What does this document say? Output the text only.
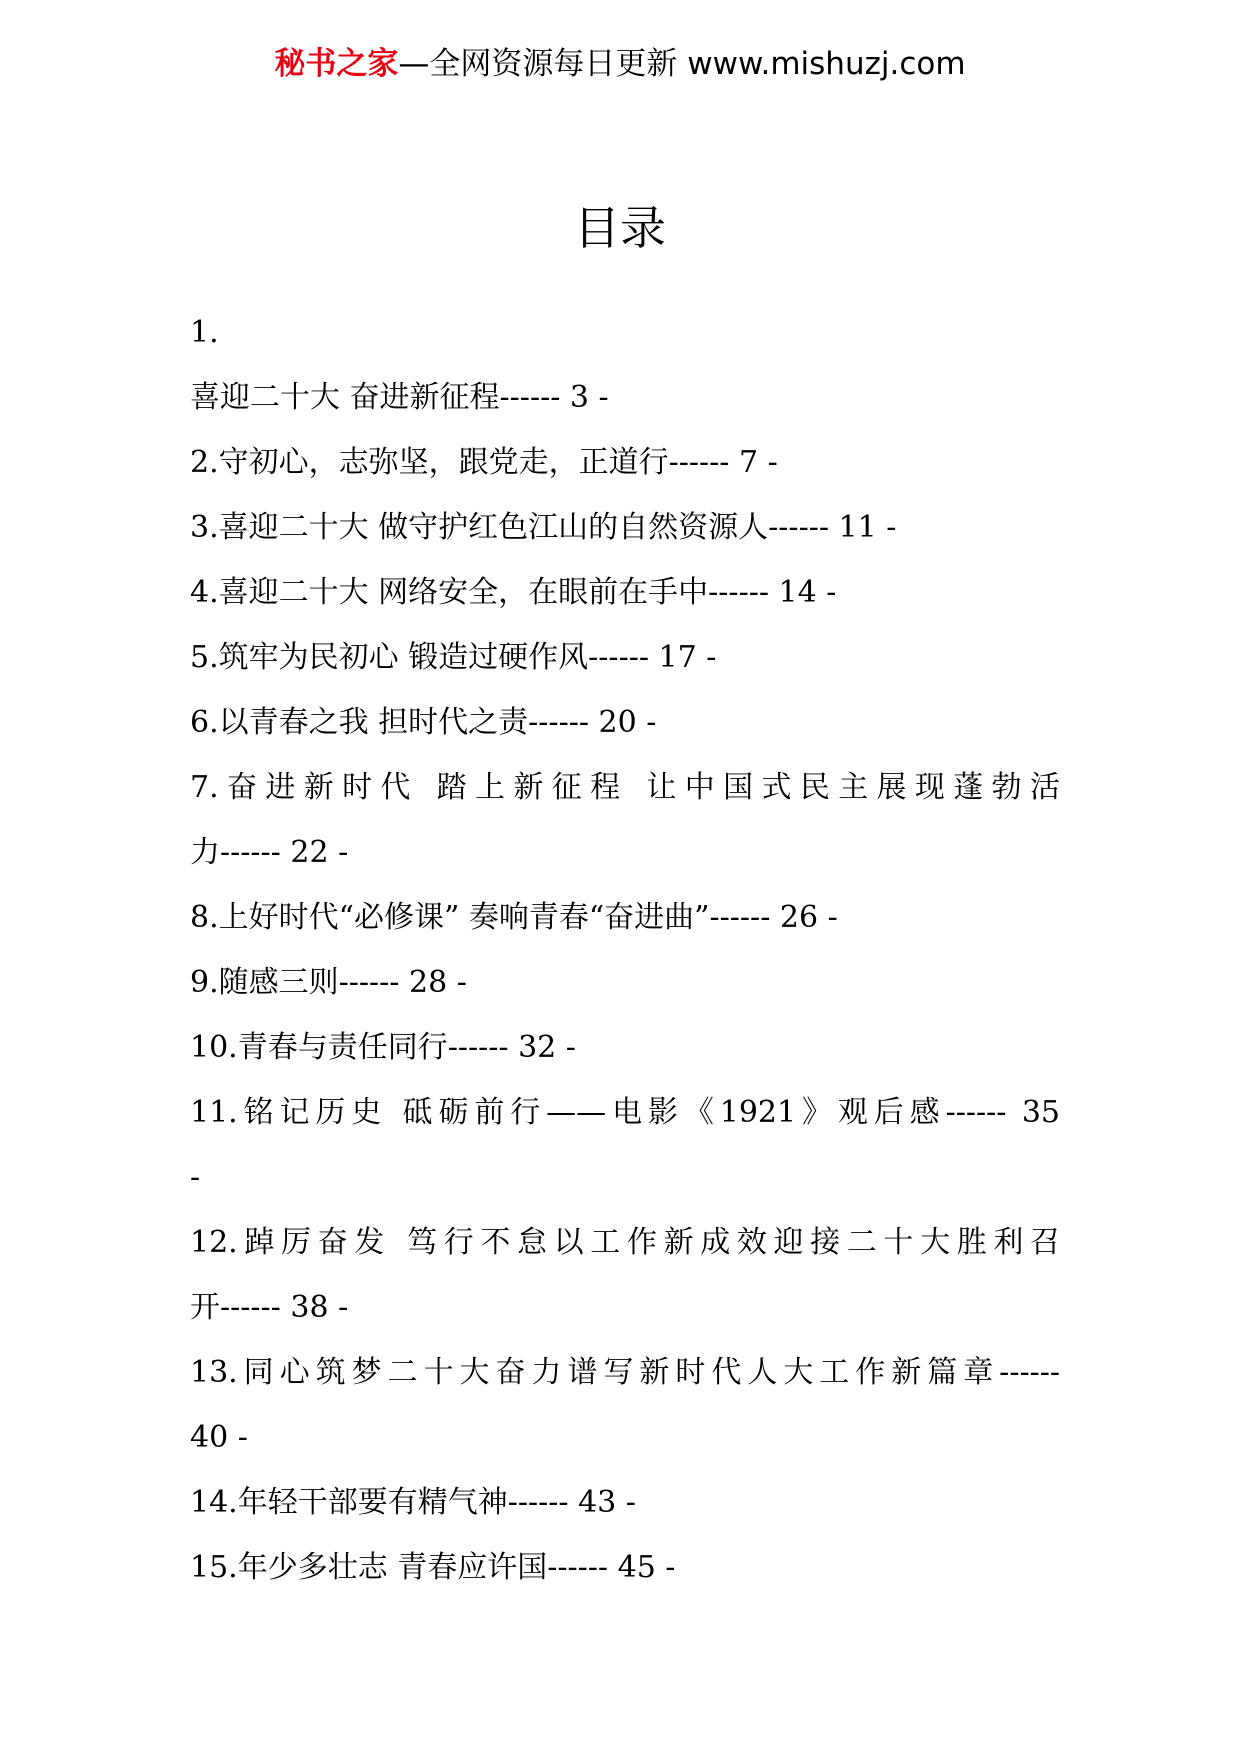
秘书之家—全网资源每日更新 www.mishuzj.com
目录
1.
喜迎二十大 奋进新征程------ 3 -
2.守初心，志弥坚，跟党走，正道行------ 7 -
3.喜迎二十大 做守护红色江山的自然资源人------ 11 -
4.喜迎二十大 网络安全，在眼前在手中------ 14 -
5.筑牢为民初心 锻造过硬作风------ 17 -
6.以青春之我 担时代之责------ 20 -
7.奋进新时代 踏上新征程 让中国式民主展现蓬勃活
力------ 22 -
8.上好时代“必修课” 奏响青春“奋进曲”------ 26 -
9.随感三则------ 28 -
10.青春与责任同行------ 32 -
11.铭记历史 砥砺前行——电影《1921》观后感------ 35
-
12.踔厉奋发 笃行不怠以工作新成效迎接二十大胜利召
开------ 38 -
13.同心筑梦二十大奋力谱写新时代人大工作新篇章------
40 -
14.年轻干部要有精气神------ 43 -
15.年少多壮志 青春应许国------ 45 -
